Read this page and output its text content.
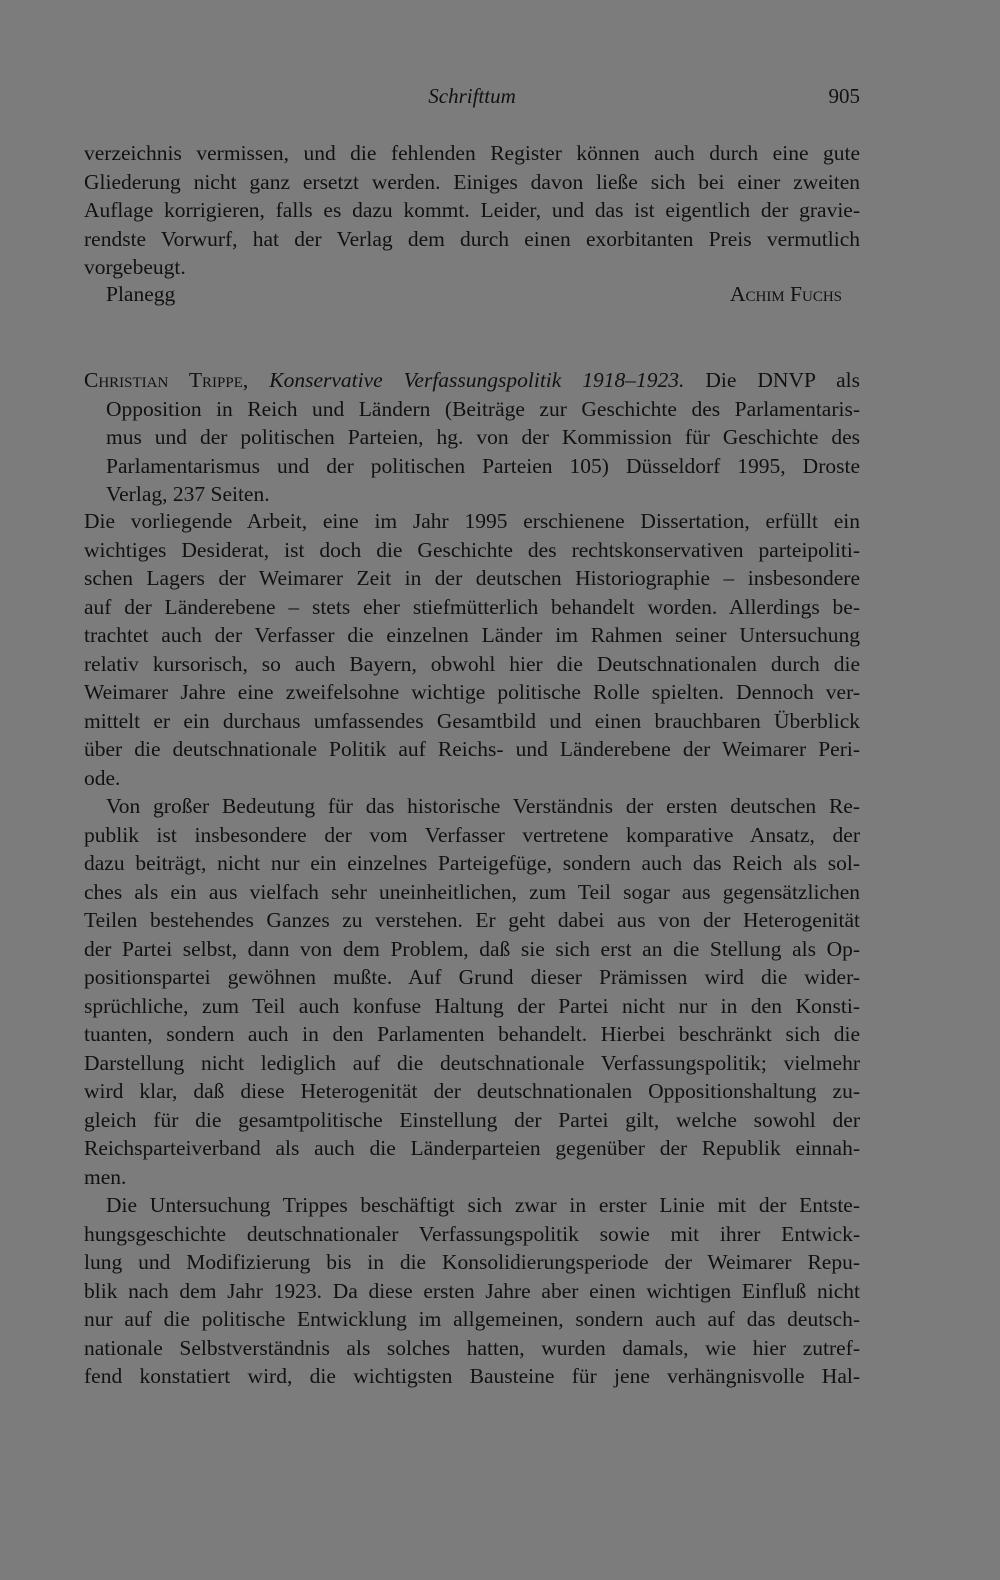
Schrifttum	905
verzeichnis vermissen, und die fehlenden Register können auch durch eine gute
Gliederung nicht ganz ersetzt werden. Einiges davon ließe sich bei einer zweiten
Auflage korrigieren, falls es dazu kommt. Leider, und das ist eigentlich der gravie-
rendste Vorwurf, hat der Verlag dem durch einen exorbitanten Preis vermutlich
vorgebeugt.
Planegg	Achim Fuchs
Christian Trippe, Konservative Verfassungspolitik 1918–1923. Die DNVP als
Opposition in Reich und Ländern (Beiträge zur Geschichte des Parlamentaris-
mus und der politischen Parteien, hg. von der Kommission für Geschichte des
Parlamentarismus und der politischen Parteien 105) Düsseldorf 1995, Droste
Verlag, 237 Seiten.
Die vorliegende Arbeit, eine im Jahr 1995 erschienene Dissertation, erfüllt ein
wichtiges Desiderat, ist doch die Geschichte des rechtskonservativen parteipoliti-
schen Lagers der Weimarer Zeit in der deutschen Historiographie – insbesondere
auf der Länderebene – stets eher stiefmütterlich behandelt worden. Allerdings be-
trachtet auch der Verfasser die einzelnen Länder im Rahmen seiner Untersuchung
relativ kursorisch, so auch Bayern, obwohl hier die Deutschnationalen durch die
Weimarer Jahre eine zweifelsohne wichtige politische Rolle spielten. Dennoch ver-
mittelt er ein durchaus umfassendes Gesamtbild und einen brauchbaren Überblick
über die deutschnationale Politik auf Reichs- und Länderebene der Weimarer Peri-
ode.
Von großer Bedeutung für das historische Verständnis der ersten deutschen Re-
publik ist insbesondere der vom Verfasser vertretene komparative Ansatz, der
dazu beiträgt, nicht nur ein einzelnes Parteigefüge, sondern auch das Reich als sol-
ches als ein aus vielfach sehr uneinheitlichen, zum Teil sogar aus gegensätzlichen
Teilen bestehendes Ganzes zu verstehen. Er geht dabei aus von der Heterogenität
der Partei selbst, dann von dem Problem, daß sie sich erst an die Stellung als Op-
positionspartei gewöhnen mußte. Auf Grund dieser Prämissen wird die wider-
sprüchliche, zum Teil auch konfuse Haltung der Partei nicht nur in den Konsti-
tuanten, sondern auch in den Parlamenten behandelt. Hierbei beschränkt sich die
Darstellung nicht lediglich auf die deutschnationale Verfassungspolitik; vielmehr
wird klar, daß diese Heterogenität der deutschnationalen Oppositionshaltung zu-
gleich für die gesamtpolitische Einstellung der Partei gilt, welche sowohl der
Reichsparteiverband als auch die Länderparteien gegenüber der Republik einnah-
men.
Die Untersuchung Trippes beschäftigt sich zwar in erster Linie mit der Entste-
hungsgeschichte deutschnationaler Verfassungspolitik sowie mit ihrer Entwick-
lung und Modifizierung bis in die Konsolidierungsperiode der Weimarer Repu-
blik nach dem Jahr 1923. Da diese ersten Jahre aber einen wichtigen Einfluß nicht
nur auf die politische Entwicklung im allgemeinen, sondern auch auf das deutsch-
nationale Selbstverständnis als solches hatten, wurden damals, wie hier zutref-
fend konstatiert wird, die wichtigsten Bausteine für jene verhängnisvolle Hal-
